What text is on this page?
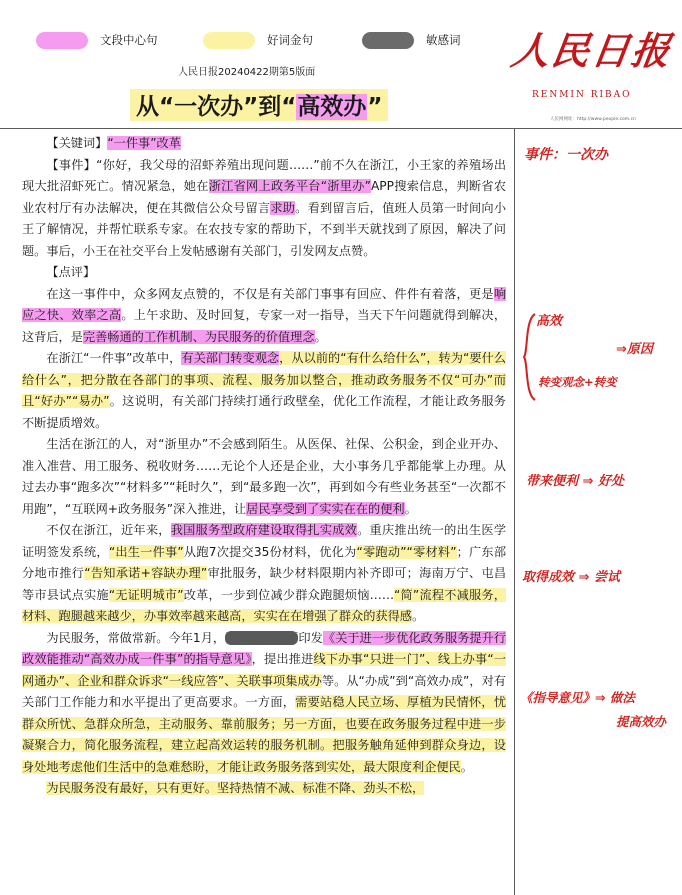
文段中心句	好词金句	敏感词
人民日报20240422期第5版面
从“一次办”到“高效办”
人民日报
RENMIN RIBAO
人民网网址：http://www.people.com.cn

【关键词】“一件事”改革

【事件】“你好，我父母的沼虾养殖出现问题……”前不久在浙江，小王家的养殖场出现大批沼虾死亡。情况紧急，她在浙江省网上政务平台“浙里办”APP搜索信息，判断省农业农村厅有办法解决，便在其微信公众号留言求助。看到留言后，值班人员第一时间向小王了解情况，并帮忙联系专家。在农技专家的帮助下，不到半天就找到了原因，解决了问题。事后，小王在社交平台上发帖感谢有关部门，引发网友点赞。

【点评】

在这一事件中，众多网友点赞的，不仅是有关部门事事有回应、件件有着落，更是响应之快、效率之高。上午求助、及时回复，专家一对一指导，当天下午问题就得到解决，这背后，是完善畅通的工作机制、为民服务的价值理念。

在浙江“一件事”改革中，有关部门转变观念，从以前的“有什么给什么”，转为“要什么给什么”，把分散在各部门的事项、流程、服务加以整合，推动政务服务不仅“可办”而且“好办”“易办”。这说明，有关部门持续打通行政壁垒，优化工作流程，才能让政务服务不断提质增效。

生活在浙江的人，对“浙里办”不会感到陌生。从医保、社保、公积金，到企业开办、准入准营、用工服务、税收财务……无论个人还是企业，大小事务几乎都能掌上办理。从过去办事“跑多次”“材料多”“耗时久”，到“最多跑一次”，再到如今有些业务甚至“一次都不用跑”，“互联网+政务服务”深入推进，让居民享受到了实实在在的便利。

不仅在浙江，近年来，我国服务型政府建设取得扎实成效。重庆推出统一的出生医学证明签发系统，“出生一件事”从跑7次提交35份材料，优化为“零跑动”“零材料”；广东部分地市推行“告知承诺+容缺办理”审批服务，缺少材料限期内补齐即可；海南万宁、屯昌等市县试点实施“无证明城市”改革，一步到位减少群众跑腿烦恼……“简”流程不减服务，材料、跑腿越来越少，办事效率越来越高，实实在在增强了群众的获得感。

为民服务，常做常新。今年1月，国务院办公厅印发《关于进一步优化政务服务提升行政效能推动“高效办成一件事”的指导意见》，提出推进线下办事“只进一门”、线上办事“一网通办”、企业和群众诉求“一线应答”、关联事项集成办等。从“办成”到“高效办成”，对有关部门工作能力和水平提出了更高要求。一方面，需要站稳人民立场、厚植为民情怀，忧群众所忧、急群众所急，主动服务、靠前服务；另一方面，也要在政务服务过程中进一步凝聚合力，简化服务流程，建立起高效运转的服务机制。把服务触角延伸到群众身边，设身处地考虑他们生活中的急难愁盼，才能让政务服务落到实处，最大限度利企便民。

为民服务没有最好，只有更好。坚持热情不减、标准不降、劲头不松，

事件：一次办
高效
转变观念+转变
⇒原因
带来便利 ⇒ 好处
取得成效 ⇒ 尝试
《指导意见》⇒ 做法
提高效办
